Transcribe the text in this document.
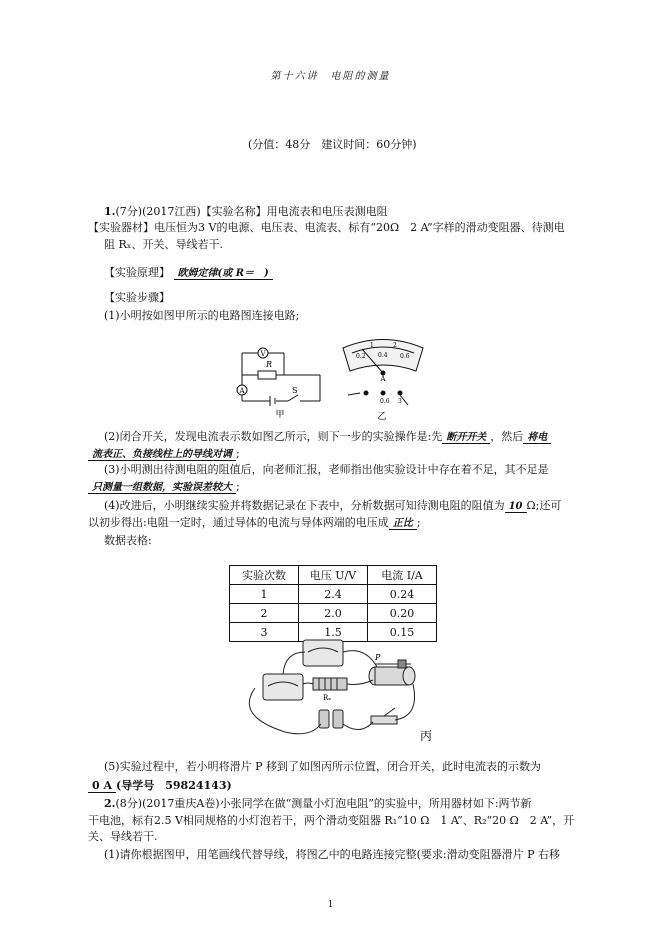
第十六讲　电阻的测量
(分值：48分　建议时间：60分钟)
1.(7分)(2017江西)【实验名称】用电流表和电压表测电阻
【实验器材】电压恒为3 V的电源、电压表、电流表、标有“20Ω　2 A”字样的滑动变阻器、待测电
阻 Rₓ、开关、导线若干.
【实验原理】 欧姆定律(或 R＝　)
【实验步骤】
(1)小明按如图甲所示的电路图连接电路;
V
A
R
S
甲
1	2
0.2 0.4 0.6
A
0.6 3
乙
(2)闭合开关，发现电流表示数如图乙所示，则下一步的实验操作是:先 断开开关 ，然后 将电
流表正、负接线柱上的导线对调 ;
(3)小明测出待测电阻的阻值后，向老师汇报，老师指出他实验设计中存在着不足，其不足是
只测量一组数据，实验误差较大 ;
(4)改进后，小明继续实验并将数据记录在下表中，分析数据可知待测电阻的阻值为 10 Ω;还可
以初步得出:电阻一定时，通过导体的电流与导体两端的电压成 正比 ;
数据表格:
实验次数	电压 U/V	电流 I/A
1	2.4	0.24
2	2.0	0.20
3	1.5	0.15
P
Rₓ
丙
(5)实验过程中，若小明将滑片 P 移到了如图丙所示位置，闭合开关，此时电流表的示数为
0 A (导学号　59824143)
2.(8分)(2017重庆A卷)小张同学在做“测量小灯泡电阻”的实验中，所用器材如下:两节新
干电池，标有2.5 V相同规格的小灯泡若干，两个滑动变阻器 R₁“10 Ω　1 A”、R₂“20 Ω　2 A”，开
关、导线若干.
(1)请你根据图甲，用笔画线代替导线，将图乙中的电路连接完整(要求:滑动变阻器滑片 P 右移
1
